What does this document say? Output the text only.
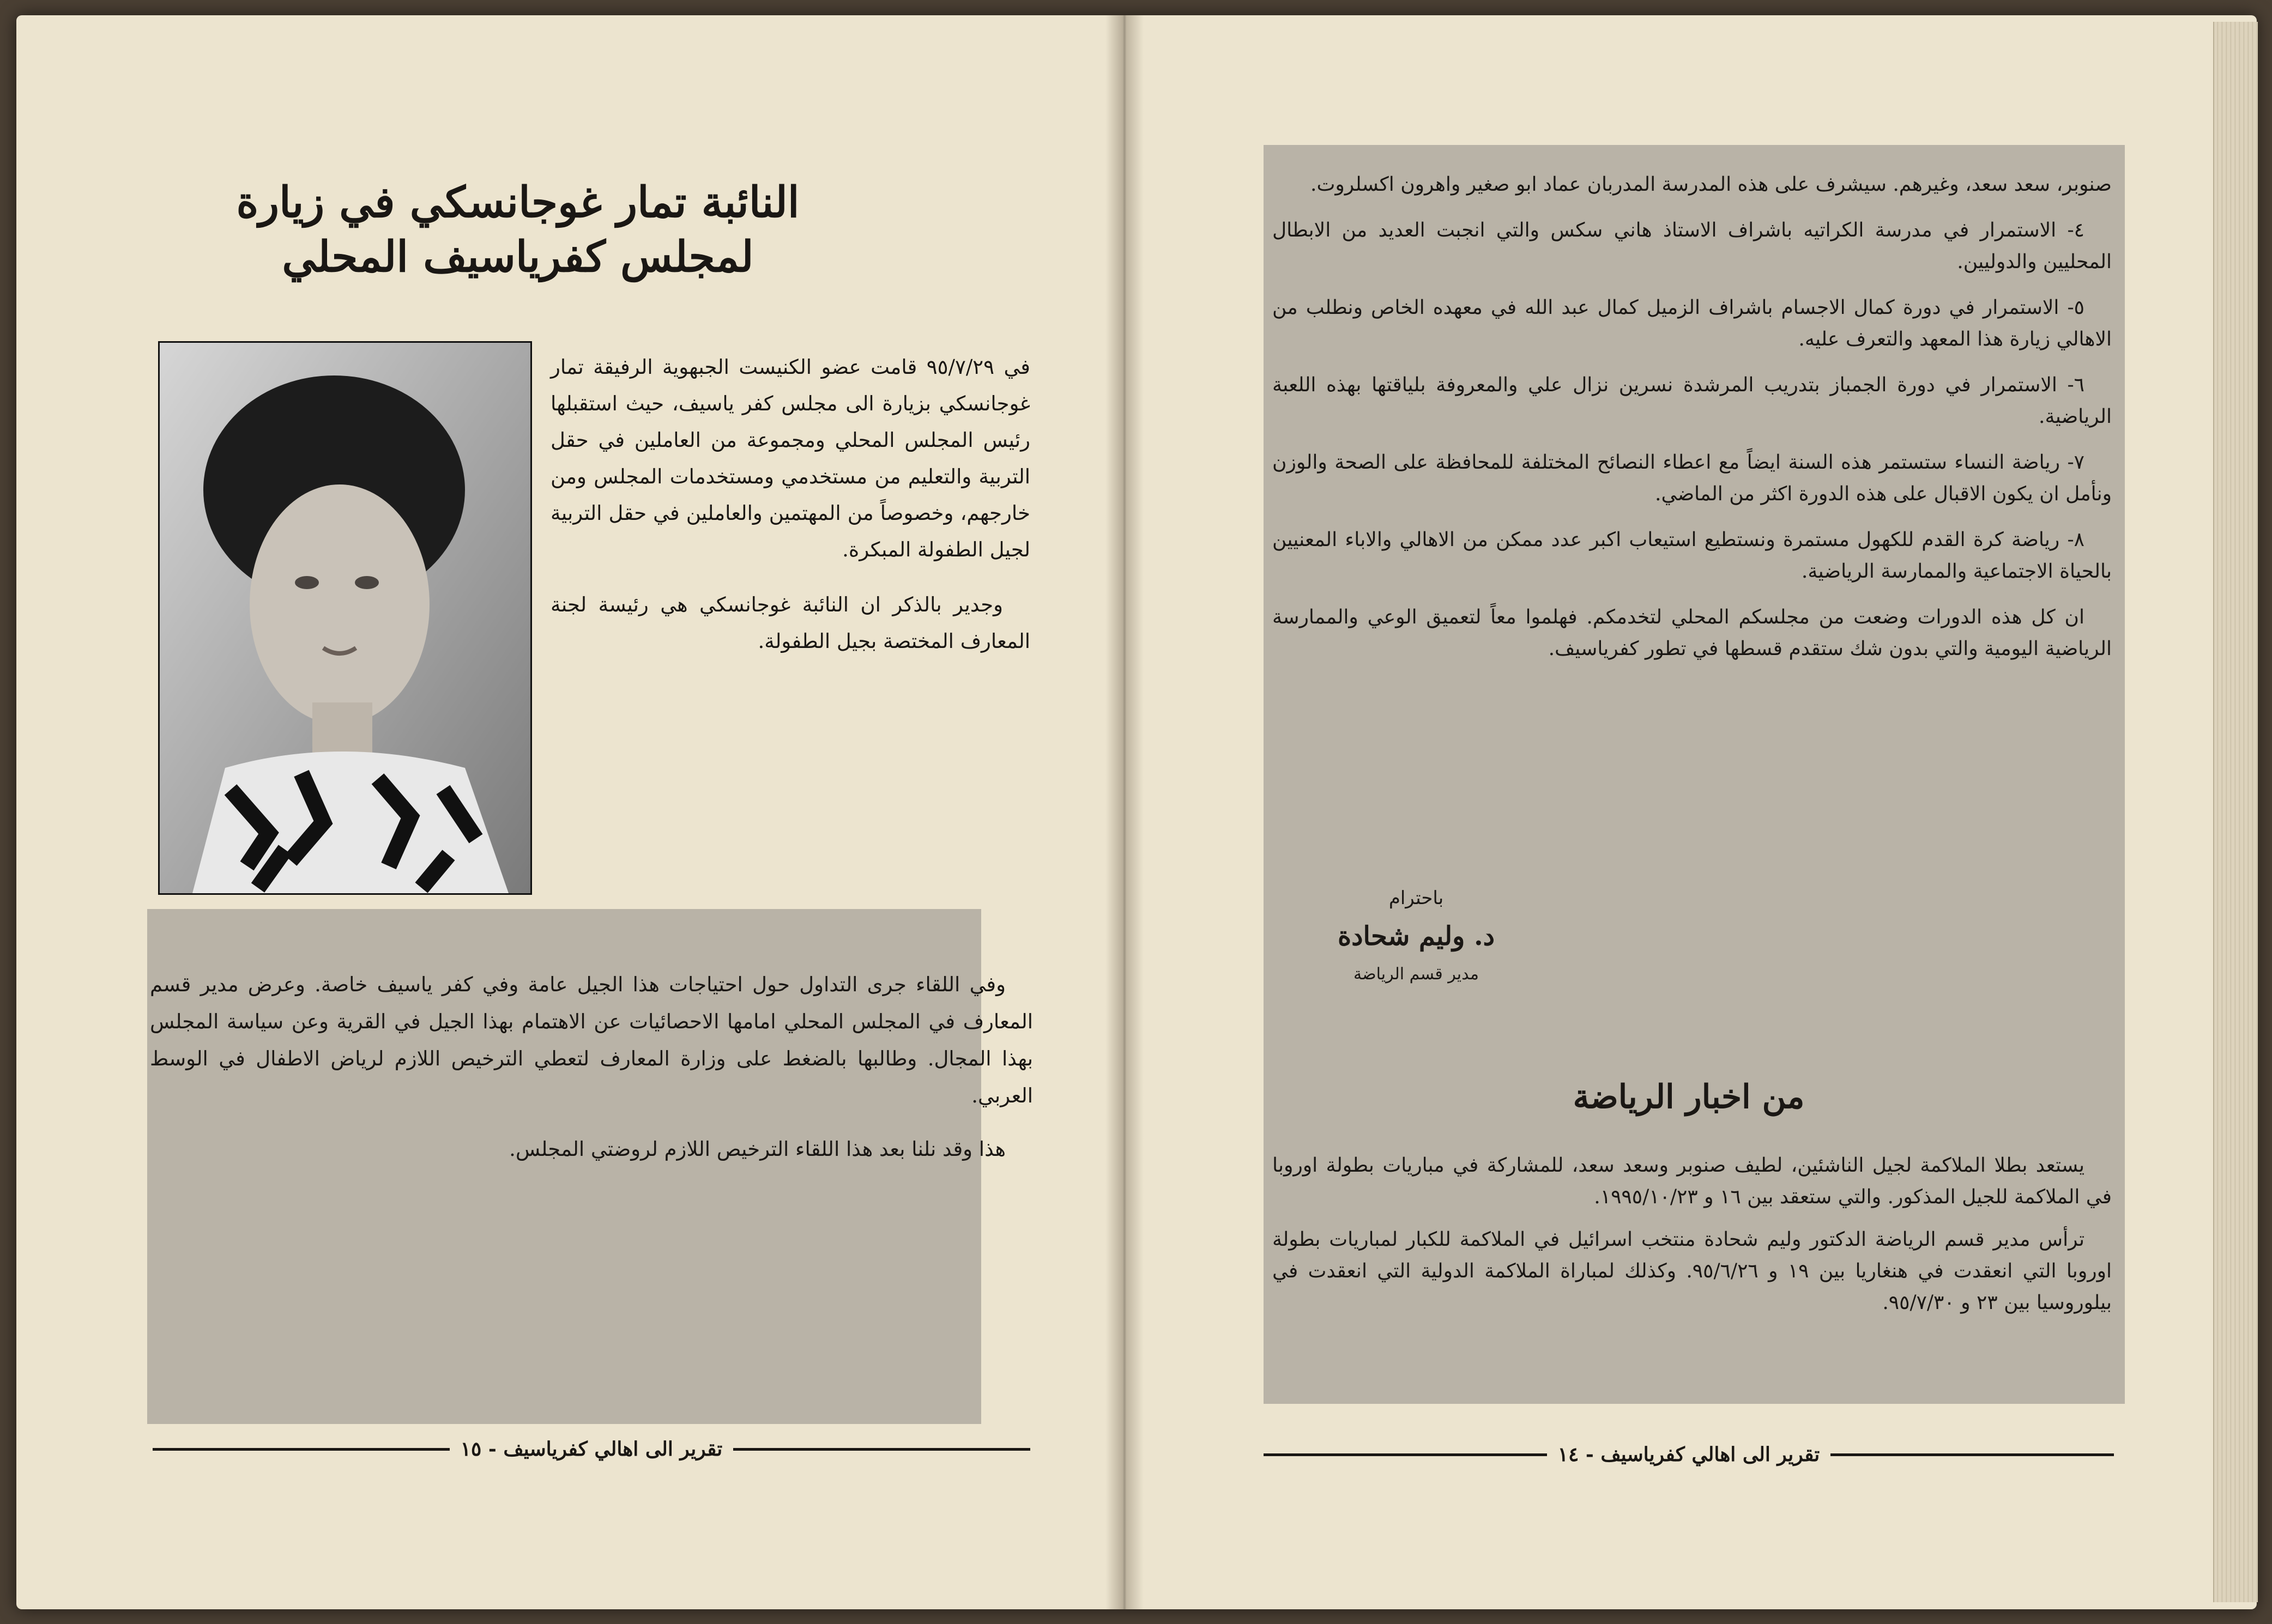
النائبة تمار غوجانسكي في زيارة
لمجلس كفرياسيف المحلي

في ٩٥/٧/٢٩ قامت عضو الكنيست الجبهوية الرفيقة تمار غوجانسكي بزيارة الى مجلس كفر ياسيف، حيث استقبلها رئيس المجلس المحلي ومجموعة من العاملين في حقل التربية والتعليم من مستخدمي ومستخدمات المجلس ومن خارجهم، وخصوصاً من المهتمين والعاملين في حقل التربية لجيل الطفولة المبكرة.

وجدير بالذكر ان النائبة غوجانسكي هي رئيسة لجنة المعارف المختصة بجيل الطفولة.

وفي اللقاء جرى التداول حول احتياجات هذا الجيل عامة وفي كفر ياسيف خاصة. وعرض مدير قسم المعارف في المجلس المحلي امامها الاحصائيات عن الاهتمام بهذا الجيل في القرية وعن سياسة المجلس بهذا المجال. وطالبها بالضغط على وزارة المعارف لتعطي الترخيص اللازم لرياض الاطفال في الوسط العربي.

هذا وقد نلنا بعد هذا اللقاء الترخيص اللازم لروضتي المجلس.

تقرير الى اهالي كفرياسيف - ١٥

صنوبر، سعد سعد، وغيرهم. سيشرف على هذه المدرسة المدربان عماد ابو صغير واهرون اكسلروت.

٤- الاستمرار في مدرسة الكراتيه باشراف الاستاذ هاني سكس والتي انجبت العديد من الابطال المحليين والدوليين.

٥- الاستمرار في دورة كمال الاجسام باشراف الزميل كمال عبد الله في معهده الخاص ونطلب من الاهالي زيارة هذا المعهد والتعرف عليه.

٦- الاستمرار في دورة الجمباز بتدريب المرشدة نسرين نزال علي والمعروفة بلياقتها بهذه اللعبة الرياضية.

٧- رياضة النساء ستستمر هذه السنة ايضاً مع اعطاء النصائح المختلفة للمحافظة على الصحة والوزن ونأمل ان يكون الاقبال على هذه الدورة اكثر من الماضي.

٨- رياضة كرة القدم للكهول مستمرة ونستطيع استيعاب اكبر عدد ممكن من الاهالي والاباء المعنيين بالحياة الاجتماعية والممارسة الرياضية.

ان كل هذه الدورات وضعت من مجلسكم المحلي لتخدمكم. فهلموا معاً لتعميق الوعي والممارسة الرياضية اليومية والتي بدون شك ستقدم قسطها في تطور كفرياسيف.

باحترام
د. وليم شحادة
مدير قسم الرياضة
من اخبار الرياضة

يستعد بطلا الملاكمة لجيل الناشئين، لطيف صنوبر وسعد سعد، للمشاركة في مباريات بطولة اوروبا في الملاكمة للجيل المذكور. والتي ستعقد بين ١٦ و ١٩٩٥/١٠/٢٣.

ترأس مدير قسم الرياضة الدكتور وليم شحادة منتخب اسرائيل في الملاكمة للكبار لمباريات بطولة اوروبا التي انعقدت في هنغاريا بين ١٩ و ٩٥/٦/٢٦. وكذلك لمباراة الملاكمة الدولية التي انعقدت في بيلوروسيا بين ٢٣ و ٩٥/٧/٣٠.

تقرير الى اهالي كفرياسيف - ١٤
